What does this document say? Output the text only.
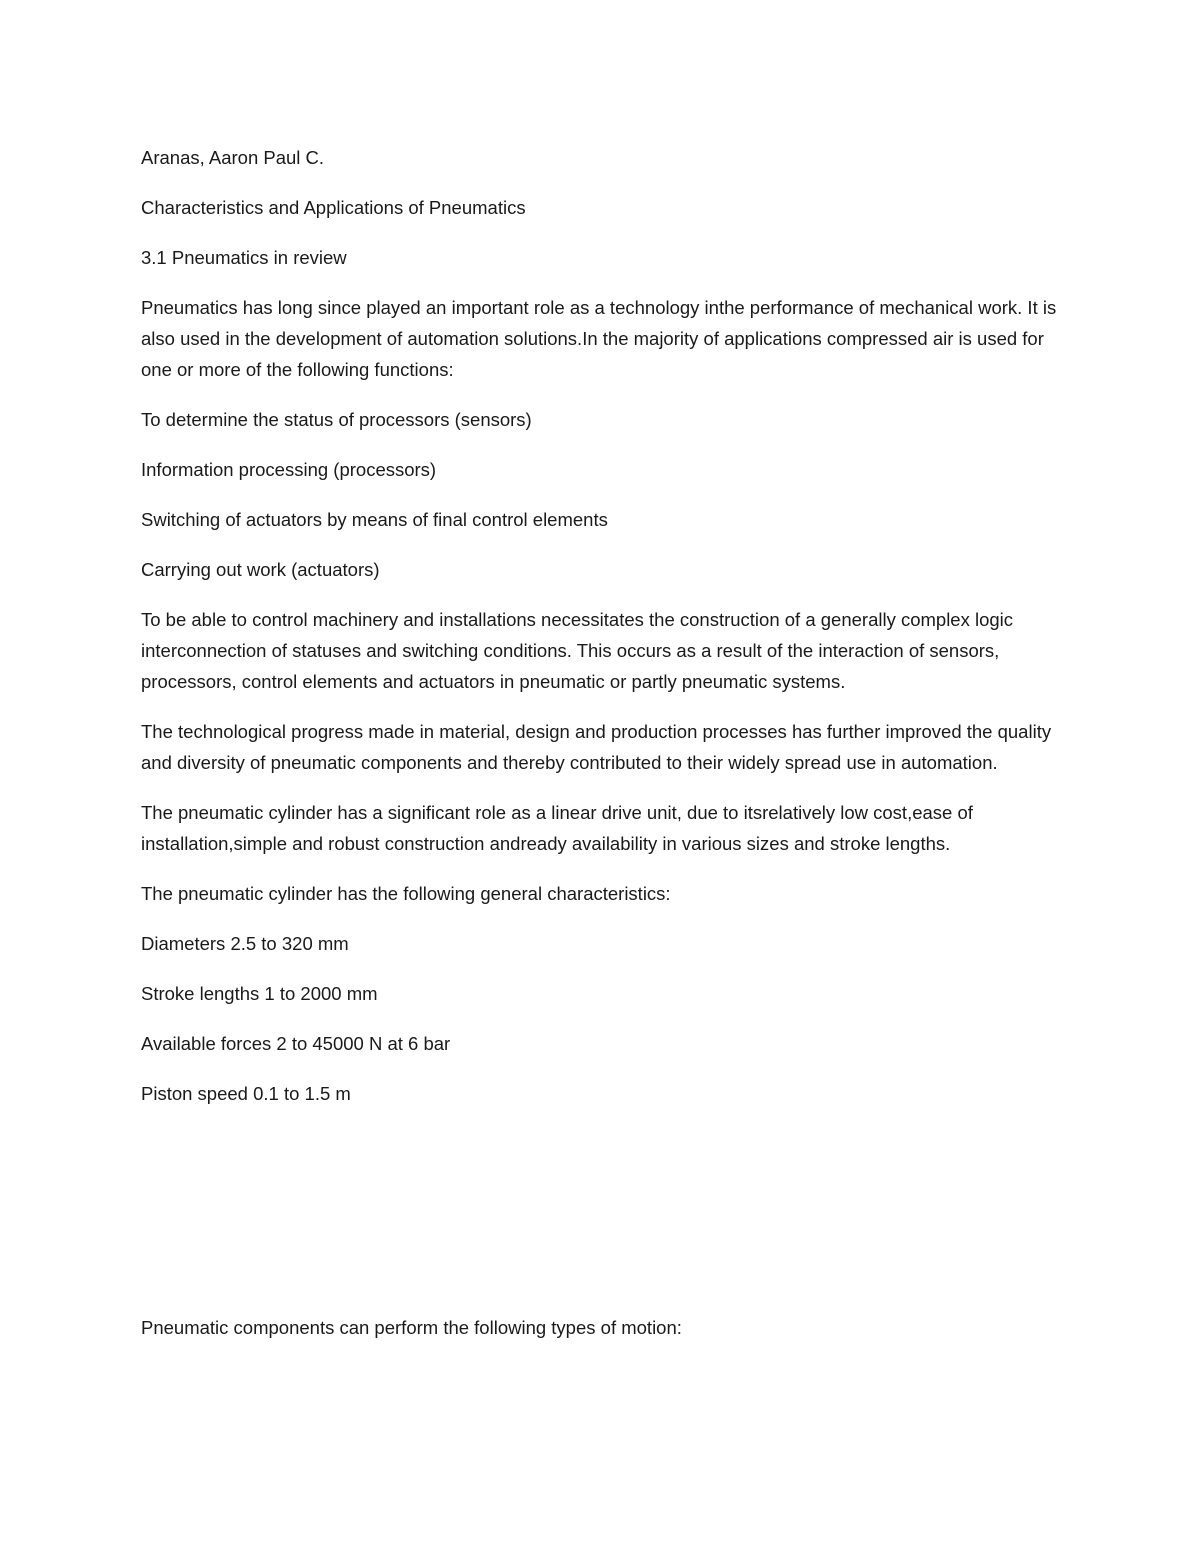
Aranas, Aaron Paul C.

Characteristics and Applications of Pneumatics

3.1 Pneumatics in review

Pneumatics has long since played an important role as a technology inthe performance of mechanical work. It is also used in the development of automation solutions.In the majority of applications compressed air is used for one or more of the following functions:

To determine the status of processors (sensors)

Information processing (processors)

Switching of actuators by means of final control elements

Carrying out work (actuators)

To be able to control machinery and installations necessitates the construction of a generally complex logic interconnection of statuses and switching conditions. This occurs as a result of the interaction of sensors, processors, control elements and actuators in pneumatic or partly pneumatic systems.

The technological progress made in material, design and production processes has further improved the quality and diversity of pneumatic components and thereby contributed to their widely spread use in automation.

The pneumatic cylinder has a significant role as a linear drive unit, due to itsrelatively low cost,ease of installation,simple and robust construction andready availability in various sizes and stroke lengths.

The pneumatic cylinder has the following general characteristics:

Diameters 2.5 to 320 mm

Stroke lengths 1 to 2000 mm

Available forces 2 to 45000 N at 6 bar

Piston speed 0.1 to 1.5 m

Pneumatic components can perform the following types of motion:
